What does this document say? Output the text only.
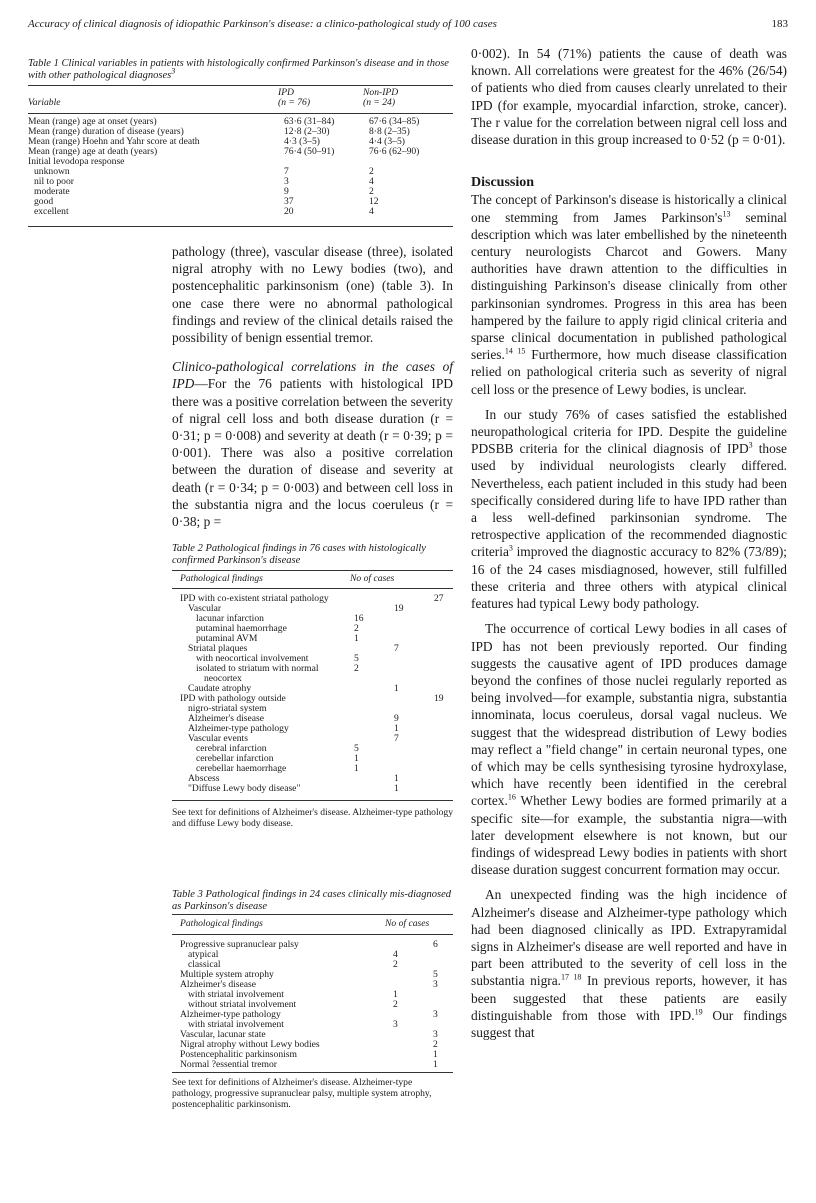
Accuracy of clinical diagnosis of idiopathic Parkinson's disease: a clinico-pathological study of 100 cases	183
Table 1 Clinical variables in patients with histologically confirmed Parkinson's disease and in those with other pathological diagnoses$^3$
	IPD	Non-IPD
Variable	(n = 76)	(n = 24)
Mean (range) age at onset (years)	63·6 (31–84)	67·6 (34–85)
Mean (range) duration of disease (years)	12·8 (2–30)	8·8 (2–35)
Mean (range) Hoehn and Yahr score at death	4·3 (3–5)	4·4 (3–5)
Mean (range) age at death (years)	76·4 (50–91)	76·6 (62–90)
Initial levodopa response		
unknown	7	2
nil to poor	3	4
moderate	9	2
good	37	12
excellent	20	4

pathology (three), vascular disease (three), isolated nigral atrophy with no Lewy bodies (two), and postencephalitic parkinsonism (one) (table 3). In one case there were no abnormal pathological findings and review of the clinical details raised the possibility of benign essential tremor.

Clinico-pathological correlations in the cases of IPD—For the 76 patients with histological IPD there was a positive correlation between the severity of nigral cell loss and both disease duration (r = 0·31; p = 0·008) and severity at death (r = 0·39; p = 0·001). There was also a positive correlation between the duration of disease and severity at death (r = 0·34; p = 0·003) and between cell loss in the substantia nigra and the locus coeruleus (r = 0·38; p =

Table 2 Pathological findings in 76 cases with histologically confirmed Parkinson's disease
Pathological findings	No of cases
IPD with co-existent striatal pathology			27
Vascular		19	
lacunar infarction	16		
putaminal haemorrhage	2		
putaminal AVM	1		
Striatal plaques		7	
with neocortical involvement	5		
isolated to striatum with normal	2		
neocortex			
Caudate atrophy		1	
IPD with pathology outside			19
nigro-striatal system			
Alzheimer's disease		9	
Alzheimer-type pathology		1	
Vascular events		7	
cerebral infarction	5		
cerebellar infarction	1		
cerebellar haemorrhage	1		
Abscess		1	
"Diffuse Lewy body disease"		1	
See text for definitions of Alzheimer's disease. Alzheimer-type pathology and diffuse Lewy body disease.
Table 3 Pathological findings in 24 cases clinically mis-diagnosed as Parkinson's disease
Pathological findings	No of cases
Progressive supranuclear palsy		6
atypical	4	
classical	2	
Multiple system atrophy		5
Alzheimer's disease		3
with striatal involvement	1	
without striatal involvement	2	
Alzheimer-type pathology		3
with striatal involvement	3	
Vascular, lacunar state		3
Nigral atrophy without Lewy bodies		2
Postencephalitic parkinsonism		1
Normal ?essential tremor		1
See text for definitions of Alzheimer's disease. Alzheimer-type pathology, progressive supranuclear palsy, multiple system atrophy, postencephalitic parkinsonism.

0·002). In 54 (71%) patients the cause of death was known. All correlations were greatest for the 46% (26/54) of patients who died from causes clearly unrelated to their IPD (for example, myocardial infarction, stroke, cancer). The r value for the correlation between nigral cell loss and disease duration in this group increased to 0·52 (p = 0·01).

Discussion

The concept of Parkinson's disease is historically a clinical one stemming from James $Parkinson's^{13}$ seminal description which was later embellished by the nineteenth century neurologists Charcot and Gowers. Many authorities have drawn attention to the difficulties in distinguishing Parkinson's disease clinically from other parkinsonian syndromes. Progress in this area has been hampered by the failure to apply rigid clinical criteria and sparse clinical documentation in published pathological series.$^{14 15}$ Furthermore, how much disease classification relied on pathological criteria such as severity of nigral cell loss or the presence of Lewy bodies, is unclear.

In our study 76% of cases satisfied the established neuropathological criteria for IPD. Despite the guideline PDSBB criteria for the clinical diagnosis of IPD$^3$ those used by individual neurologists clearly differed. Nevertheless, each patient included in this study had been specifically considered during life to have IPD rather than a less well-defined parkinsonian syndrome. The retrospective application of the recommended diagnostic criteria$^3$ improved the diagnostic accuracy to 82% (73/89); 16 of the 24 cases misdiagnosed, however, still fulfilled these criteria and three others with atypical clinical features had typical Lewy body pathology.

The occurrence of cortical Lewy bodies in all cases of IPD has not been previously reported. Our finding suggests the causative agent of IPD produces damage beyond the confines of those nuclei regularly reported as being involved—for example, substantia nigra, substantia innominata, locus coeruleus, dorsal vagal nucleus. We suggest that the widespread distribution of Lewy bodies may reflect a "field change" in certain neuronal types, one of which may be cells synthesising tyrosine hydroxylase, which have recently been identified in the cerebral cortex.$^{16}$ Whether Lewy bodies are formed primarily at a specific site—for example, the substantia nigra—with later development elsewhere is not known, but our findings of widespread Lewy bodies in patients with short disease duration suggest concurrent formation may occur.

An unexpected finding was the high incidence of Alzheimer's disease and Alzheimer-type pathology which had been diagnosed clinically as IPD. Extrapyramidal signs in Alzheimer's disease are well reported and have in part been attributed to the severity of cell loss in the substantia nigra.$^{17 18}$ In previous reports, however, it has been suggested that these patients are easily distinguishable from those with IPD.$^{19}$ Our findings suggest that
